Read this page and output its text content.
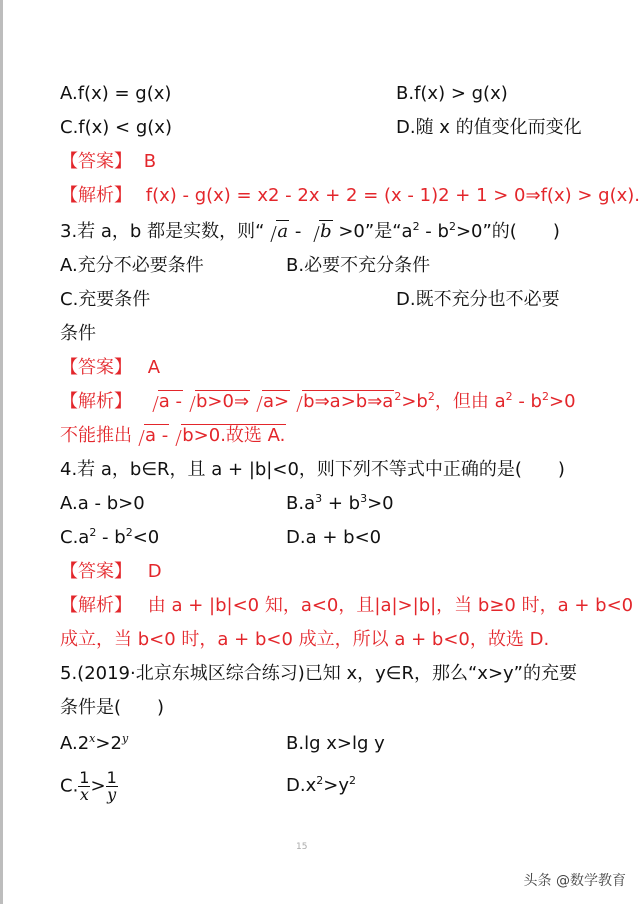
A.f(x) = g(x)	B.f(x) > g(x)
C.f(x) < g(x)	D.随 x 的值变化而变化
【答案】 B
【解析】 f(x) - g(x) = x2 - 2x + 2 = (x - 1)2 + 1 > 0⇒f(x) > g(x).
3.若 a，b 都是实数，则“ a - b >0”是“$a^2 - b^2>0$”的(　　)
A.充分不必要条件	B.必要不充分条件
C.充要条件	D.既不充分也不必要
条件
【答案】 A
【解析】 a -b>0⇒ $a> b\Rightarrow a>b\Rightarrow a^2>b^2$，但由 $a^2 - b^2>0$
不能推出 a -b>0.故选 A.
4.若 a，b∈R，且 a + |b|<0，则下列不等式中正确的是(　　)
A.a - b>0	$B.a^3 + b^3>0$
$C.a^2 - b^2<0$	D.a + b<0
【答案】 D
【解析】 由 a + |b|<0 知，a<0，且|a|>|b|，当 b≥0 时，a + b<0
成立，当 b<0 时，a + b<0 成立，所以 a + b<0，故选 D.
5.(2019·北京东城区综合练习)已知 x，y∈R，那么“x>y”的充要
条件是(　　)
$A.2^x>2^y$	B.lg x>lg y
C. $\frac{1}{x} > \frac{1}{y}$	$D.x^2>y^2$
15
头条 @数学教育
